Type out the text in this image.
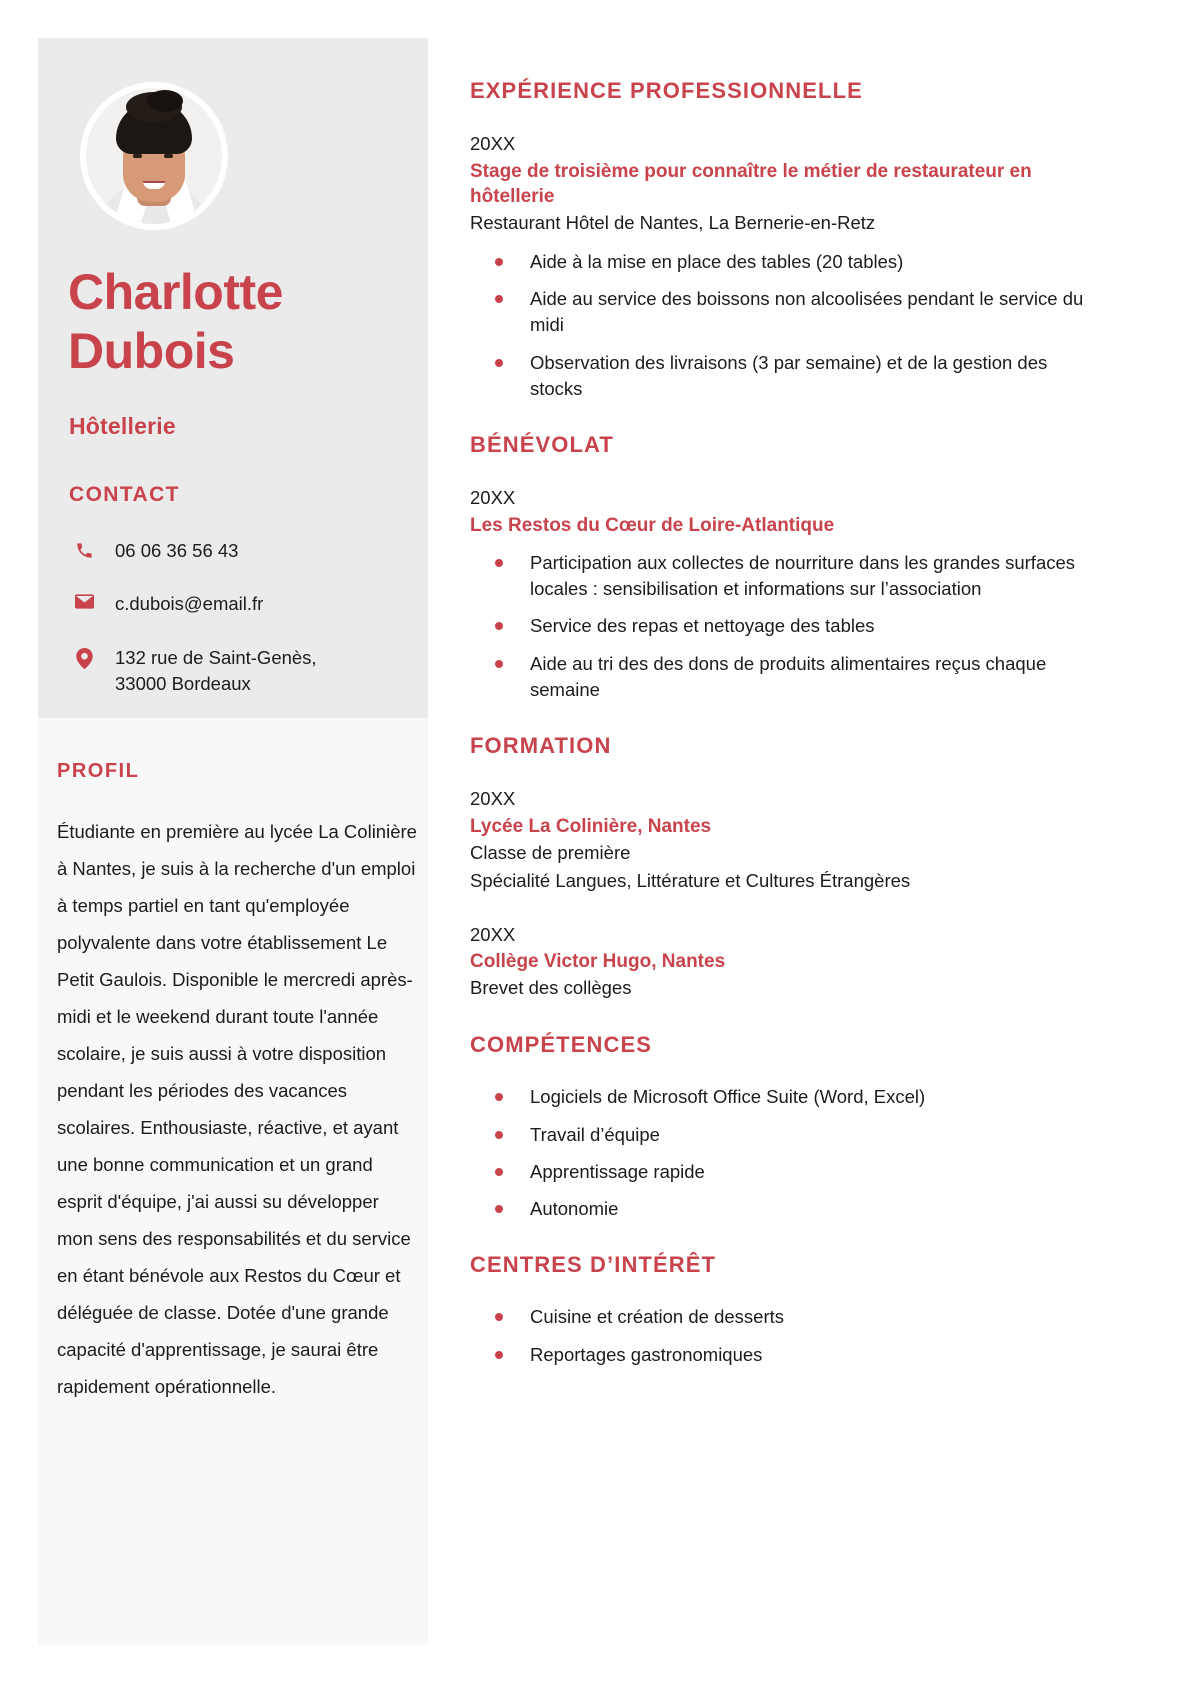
Charlotte
Dubois
Hôtellerie
CONTACT
06 06 36 56 43
c.dubois@email.fr
132 rue de Saint-Genès,
33000 Bordeaux
PROFIL
Étudiante en première au lycée La Colinière à Nantes, je suis à la recherche d'un emploi à temps partiel en tant qu'employée polyvalente dans votre établissement Le Petit Gaulois. Disponible le mercredi après-midi et le weekend durant toute l'année scolaire, je suis aussi à votre disposition pendant les périodes des vacances scolaires. Enthousiaste, réactive, et ayant une bonne communication et un grand esprit d'équipe, j'ai aussi su développer mon sens des responsabilités et du service en étant bénévole aux Restos du Cœur et déléguée de classe. Dotée d'une grande capacité d'apprentissage, je saurai être rapidement opérationnelle.
EXPÉRIENCE PROFESSIONNELLE
20XX
Stage de troisième pour connaître le métier de restaurateur en hôtellerie
Restaurant Hôtel de Nantes, La Bernerie-en-Retz
Aide à la mise en place des tables (20 tables)
Aide au service des boissons non alcoolisées pendant le service du midi
Observation des livraisons (3 par semaine) et de la gestion des stocks
BÉNÉVOLAT
20XX
Les Restos du Cœur de Loire-Atlantique
Participation aux collectes de nourriture dans les grandes surfaces locales : sensibilisation et informations sur l’association
Service des repas et nettoyage des tables
Aide au tri des des dons de produits alimentaires reçus chaque semaine
FORMATION
20XX
Lycée La Colinière, Nantes
Classe de première
Spécialité Langues, Littérature et Cultures Étrangères
20XX
Collège Victor Hugo, Nantes
Brevet des collèges
COMPÉTENCES
Logiciels de Microsoft Office Suite (Word, Excel)
Travail d’équipe
Apprentissage rapide
Autonomie
CENTRES D’INTÉRÊT
Cuisine et création de desserts
Reportages gastronomiques
